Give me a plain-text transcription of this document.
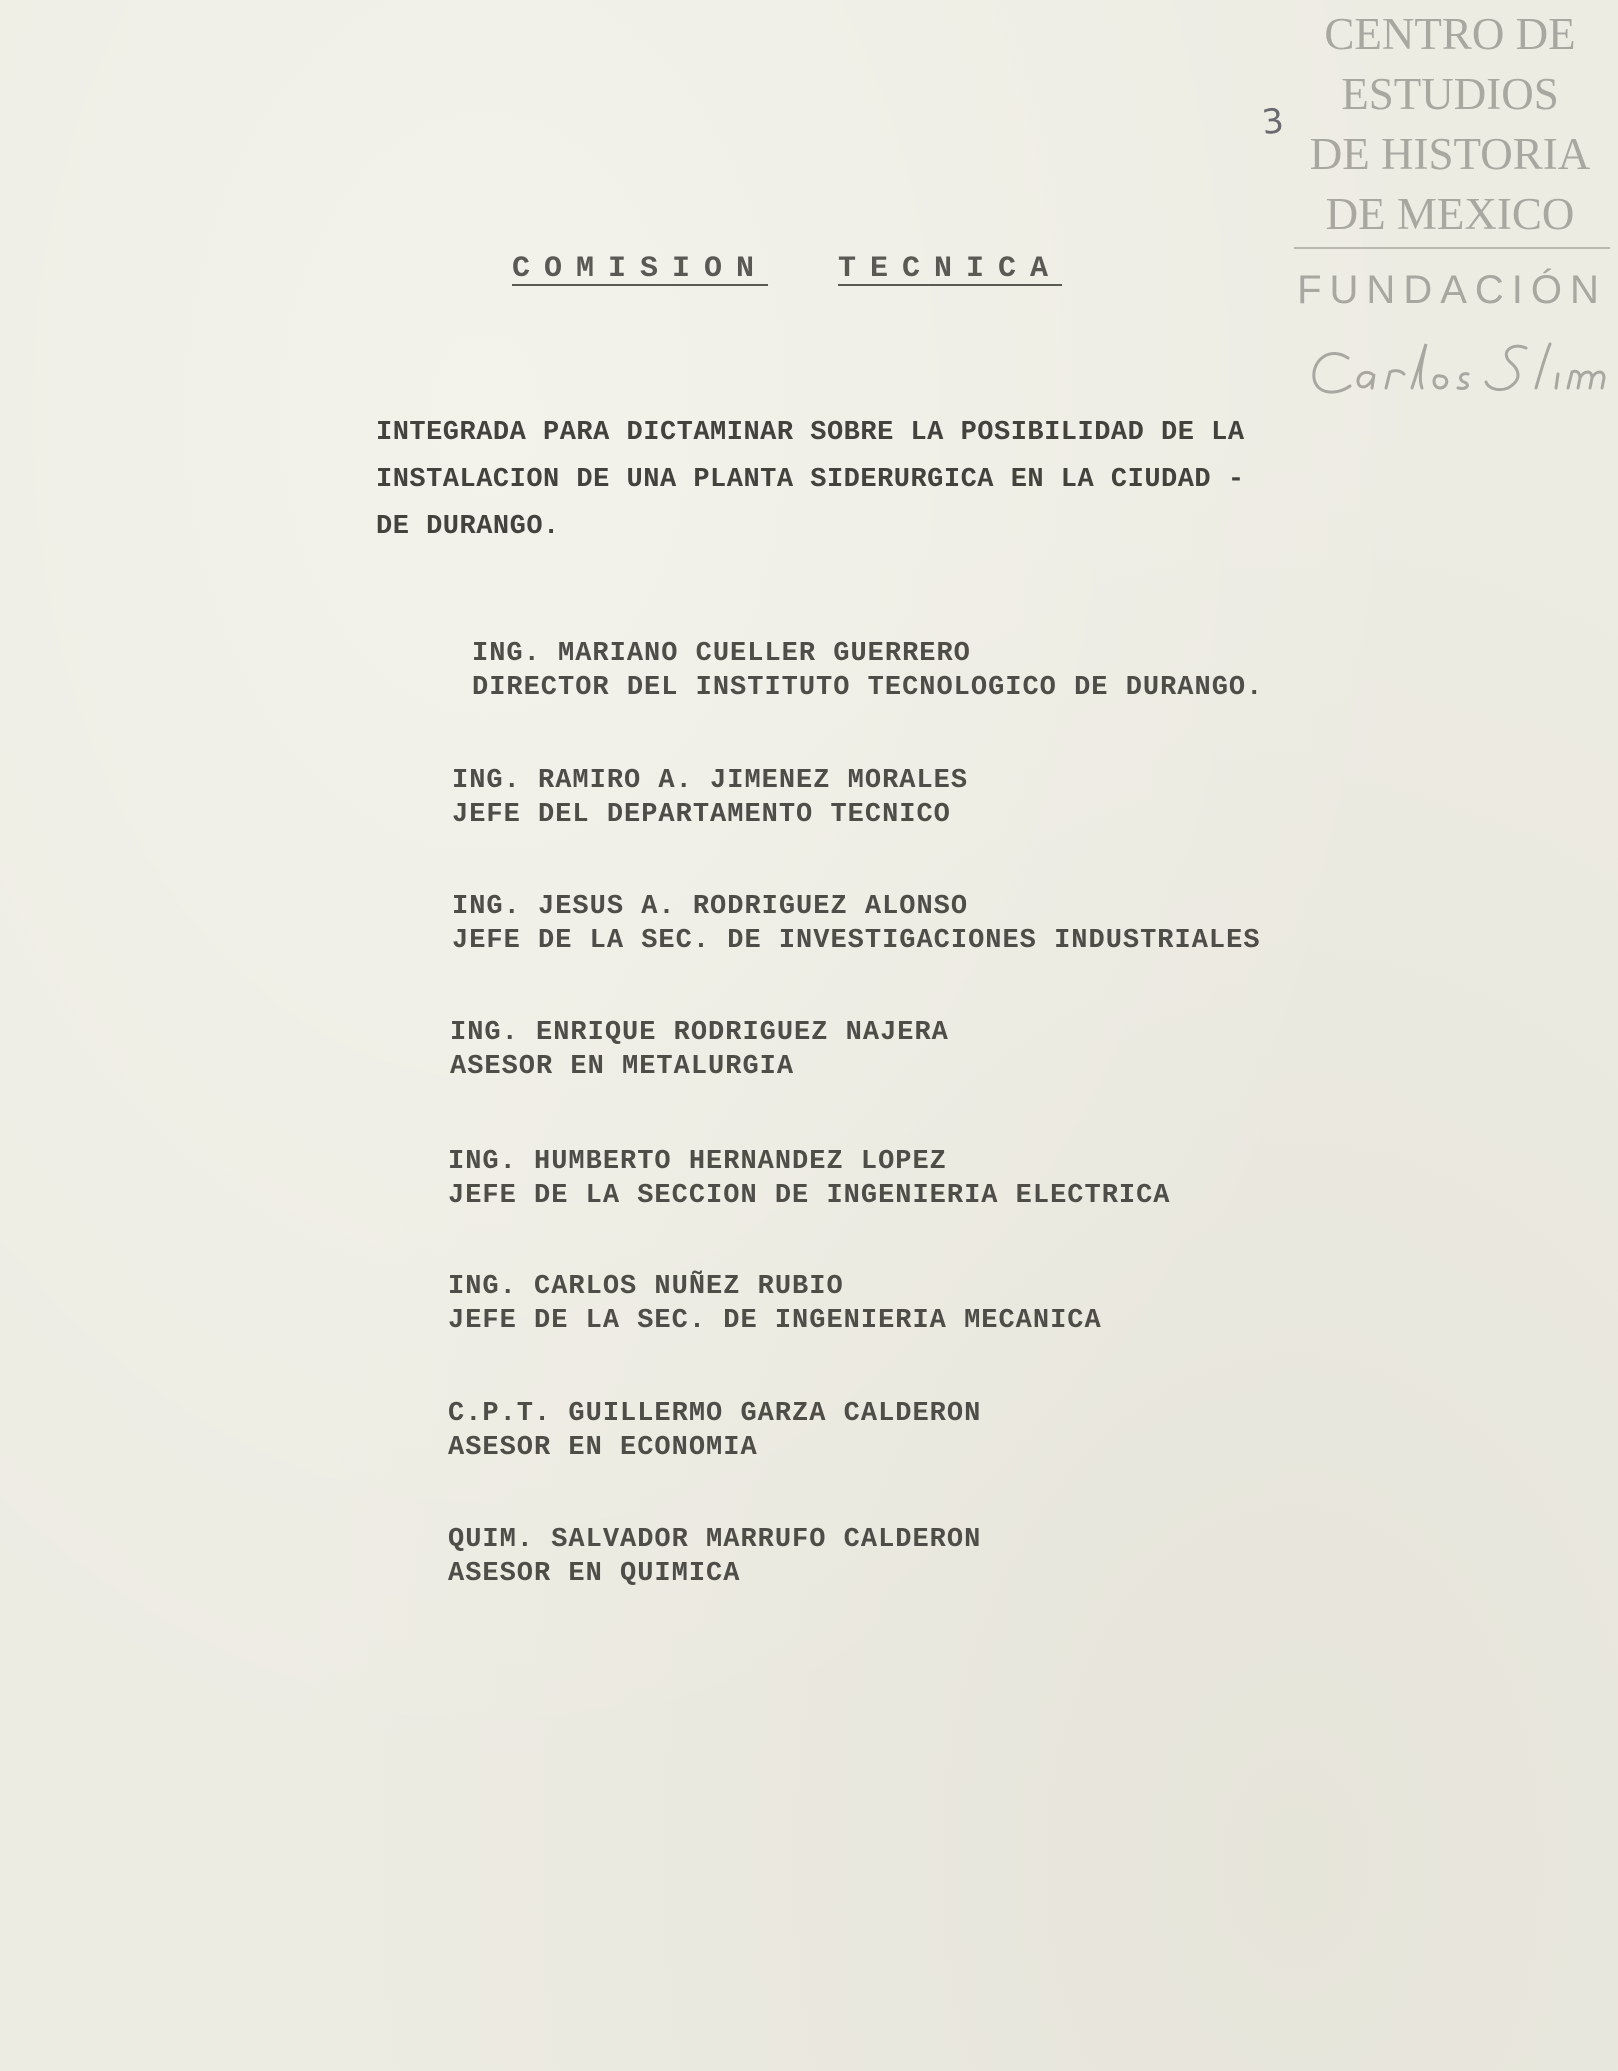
CENTRO DE
ESTUDIOS
DE HISTORIA
DE MEXICO
FUNDACIÓN
3
COMISION TECNICA
INTEGRADA PARA DICTAMINAR SOBRE LA POSIBILIDAD DE LA
INSTALACION DE UNA PLANTA SIDERURGICA EN LA CIUDAD -
DE DURANGO.
ING. MARIANO CUELLER GUERRERO
DIRECTOR DEL INSTITUTO TECNOLOGICO DE DURANGO.
ING. RAMIRO A. JIMENEZ MORALES
JEFE DEL DEPARTAMENTO TECNICO
ING. JESUS A. RODRIGUEZ ALONSO
JEFE DE LA SEC. DE INVESTIGACIONES INDUSTRIALES
ING. ENRIQUE RODRIGUEZ NAJERA
ASESOR EN METALURGIA
ING. HUMBERTO HERNANDEZ LOPEZ
JEFE DE LA SECCION DE INGENIERIA ELECTRICA
ING. CARLOS NUÑEZ RUBIO
JEFE DE LA SEC. DE INGENIERIA MECANICA
C.P.T. GUILLERMO GARZA CALDERON
ASESOR EN ECONOMIA
QUIM. SALVADOR MARRUFO CALDERON
ASESOR EN QUIMICA
